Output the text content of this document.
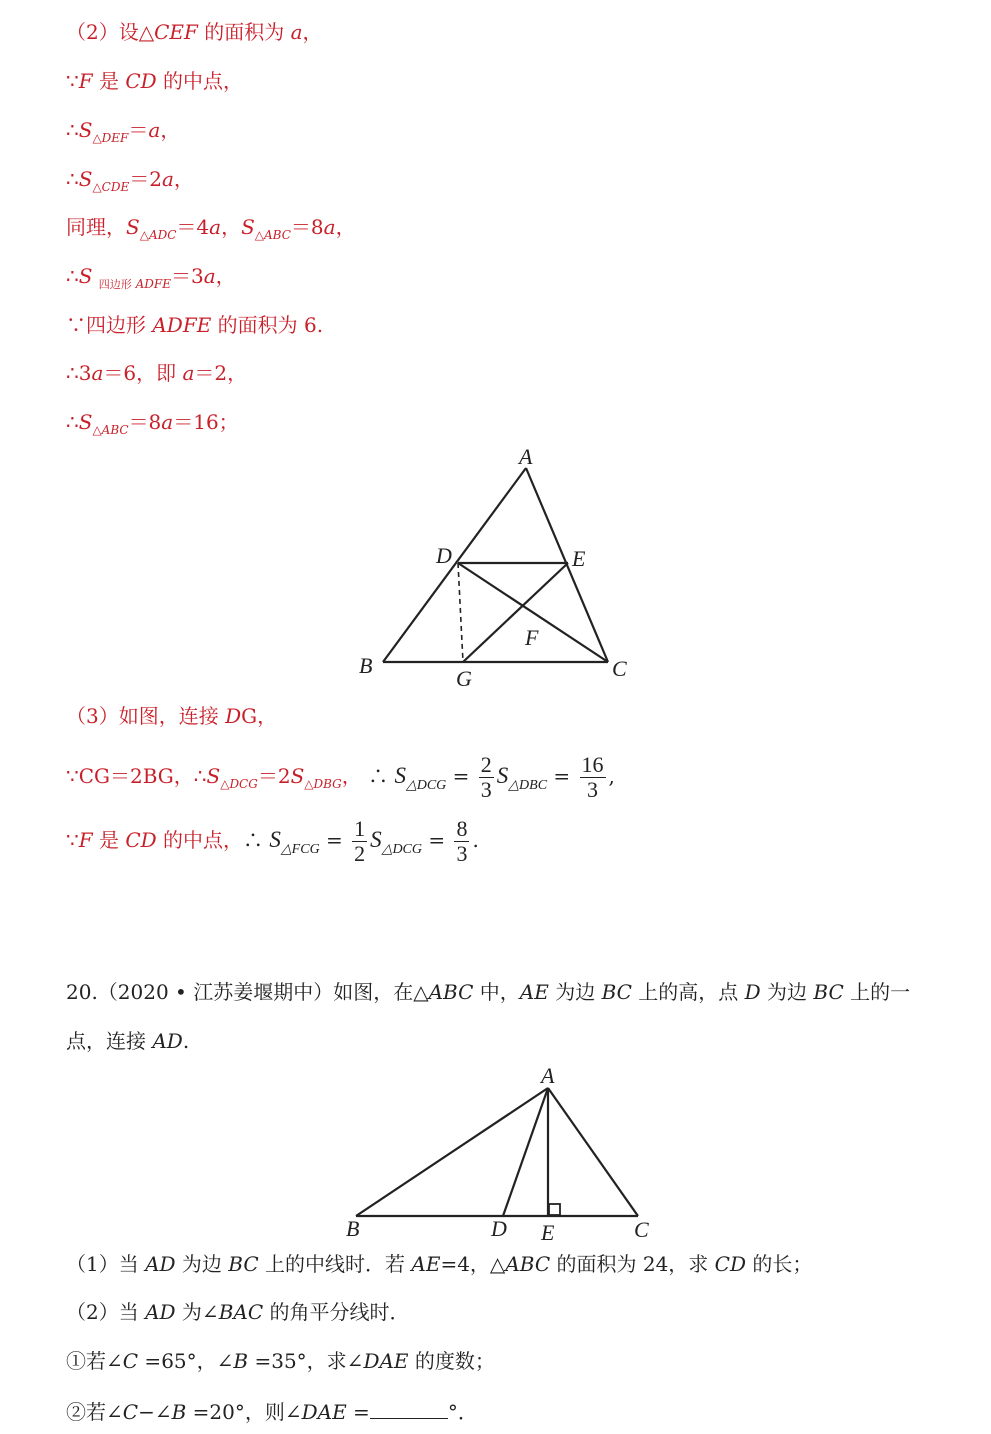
（2）设△CEF 的面积为 a，
∵F 是 CD 的中点，
$\therefore S_{\triangle DEF}=a$，
$\therefore S_{\triangle CDE}=2a$，
同理，$S_{\triangle ADC}=4a$，$S_{\triangle ABC}=8a$，
∴S $_{四边形 ADFE}$＝3a，
∵四边形 ADFE 的面积为 6.
∴3a＝6，即 a＝2，
$\therefore S_{\triangle ABC}=8a=16$；
A
D	E
F
B
G	C
（3）如图，连接 DG，
∵CG＝2BG，$\therefore S_{\triangle DCG}=2S_{\triangle DBG}$， ∴ $S_{\triangle DCG} = \frac{2}{3} S_{\triangle DBC} = \frac{16}{3}$ ,
∵F 是 CD 的中点，∴ $S_{\triangle FCG} = \frac{1}{2} S_{\triangle DCG} = \frac{8}{3}$ .
20.（2020 • 江苏姜堰期中）如图，在△ABC 中，AE 为边 BC 上的高，点 D 为边 BC 上的一
点，连接 AD.
A
B	D E	C
（1）当 AD 为边 BC 上的中线时．若 AE=4，△ABC 的面积为 24，求 CD 的长；
（2）当 AD 为∠BAC 的角平分线时．
①若∠C =65°，∠B =35°，求∠DAE 的度数；
②若∠C−∠B =20°，则∠DAE =	°．
